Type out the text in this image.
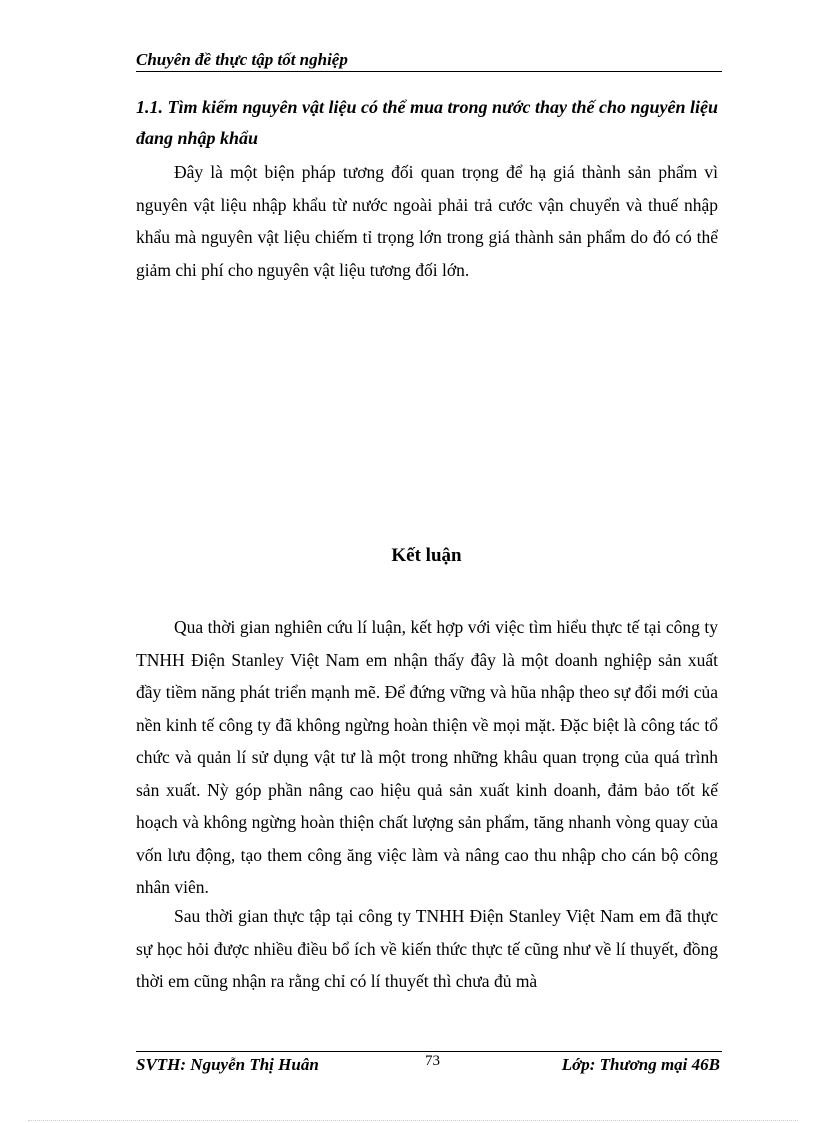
Chuyên đề thực tập tốt nghiệp
1.1. Tìm kiếm nguyên vật liệu có thể mua trong nước thay thế cho nguyên liệu đang nhập khẩu

Đây là một biện pháp tương đối quan trọng để hạ giá thành sản phẩm vì nguyên vật liệu nhập khẩu từ nước ngoài phải trả cước vận chuyển và thuế nhập khẩu mà nguyên vật liệu chiếm tỉ trọng lớn trong giá thành sản phẩm do đó có thể giảm chi phí cho nguyên vật liệu tương đối lớn.

Kết luận

Qua thời gian nghiên cứu lí luận, kết hợp với việc tìm hiểu thực tế tại công ty TNHH Điện Stanley Việt Nam em nhận thấy đây là một doanh nghiệp sản xuất đầy tiềm năng phát triển mạnh mẽ. Để đứng vững và hũa nhập theo sự đổi mới của nền kinh tế công ty đã không ngừng hoàn thiện về mọi mặt. Đặc biệt là công tác tổ chức và quản lí sử dụng vật tư là một trong những khâu quan trọng của quá trình sản xuất. Nỳ góp phần nâng cao hiệu quả sản xuất kinh doanh, đảm bảo tốt kế hoạch và không ngừng hoàn thiện chất lượng sản phẩm, tăng nhanh vòng quay của vốn lưu động, tạo them công ăng việc làm và nâng cao thu nhập cho cán bộ công nhân viên.

Sau thời gian thực tập tại công ty TNHH Điện Stanley Việt Nam em đã thực sự học hỏi được nhiều điều bổ ích về kiến thức thực tế cũng như về lí thuyết, đồng thời em cũng nhận ra rằng chỉ có lí thuyết thì chưa đủ mà

SVTH: Nguyễn Thị Huân	73	Lớp: Thương mại 46B
